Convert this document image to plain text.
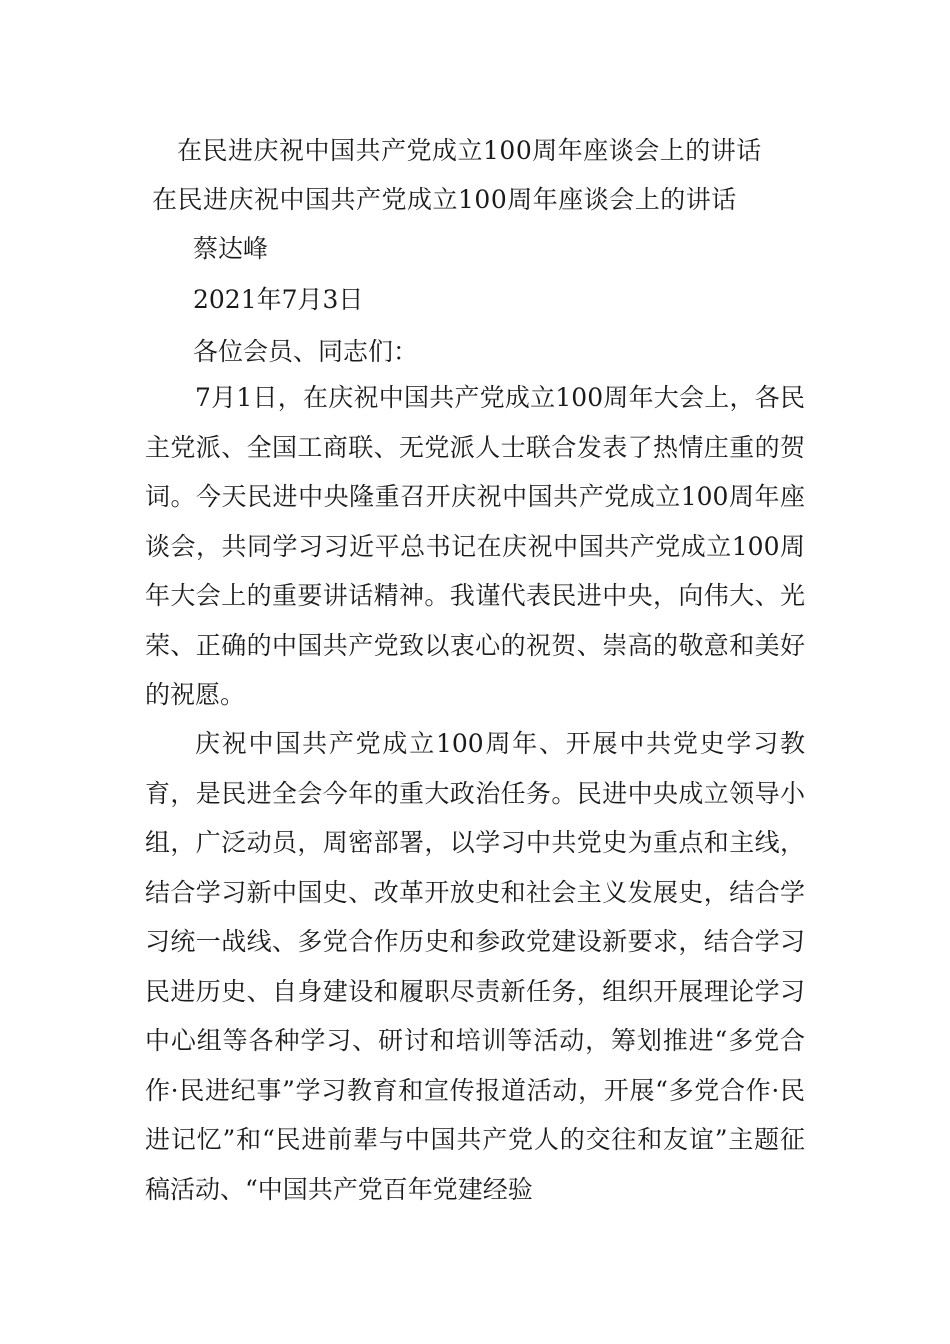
在民进庆祝中国共产党成立100周年座谈会上的讲话
在民进庆祝中国共产党成立100周年座谈会上的讲话
蔡达峰
2021年7月3日
各位会员、同志们：

7月1日，在庆祝中国共产党成立100周年大会上，各民主党派、全国工商联、无党派人士联合发表了热情庄重的贺词。今天民进中央隆重召开庆祝中国共产党成立100周年座谈会，共同学习习近平总书记在庆祝中国共产党成立100周年大会上的重要讲话精神。我谨代表民进中央，向伟大、光荣、正确的中国共产党致以衷心的祝贺、崇高的敬意和美好的祝愿。

庆祝中国共产党成立100周年、开展中共党史学习教育，是民进全会今年的重大政治任务。民进中央成立领导小组，广泛动员，周密部署，以学习中共党史为重点和主线，结合学习新中国史、改革开放史和社会主义发展史，结合学习统一战线、多党合作历史和参政党建设新要求，结合学习民进历史、自身建设和履职尽责新任务，组织开展理论学习中心组等各种学习、研讨和培训等活动，筹划推进“多党合作·民进纪事”学习教育和宣传报道活动，开展“多党合作·民进记忆”和“民进前辈与中国共产党人的交往和友谊”主题征稿活动、“中国共产党百年党建经验
